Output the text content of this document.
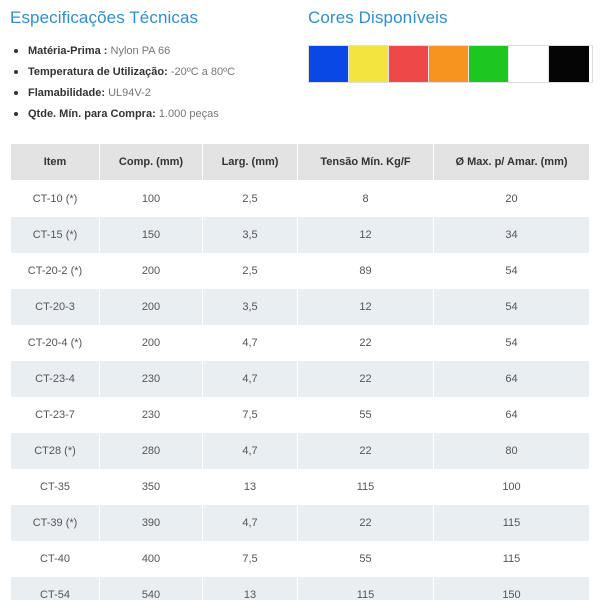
Especificações Técnicas
Matéria-Prima : Nylon PA 66
Temperatura de Utilização: -20ºC a 80ºC
Flamabilidade: UL94V-2
Qtde. Mín. para Compra: 1.000 peças
Cores Disponíveis
Item	Comp. (mm)	Larg. (mm)	Tensão Mín. Kg/F	Ø Max. p/ Amar. (mm)
CT-10 (*)	100	2,5	8	20
CT-15 (*)	150	3,5	12	34
CT-20-2 (*)	200	2,5	89	54
CT-20-3	200	3,5	12	54
CT-20-4 (*)	200	4,7	22	54
CT-23-4	230	4,7	22	64
CT-23-7	230	7,5	55	64
CT28 (*)	280	4,7	22	80
CT-35	350	13	115	100
CT-39 (*)	390	4,7	22	115
CT-40	400	7,5	55	115
CT-54	540	13	115	150
